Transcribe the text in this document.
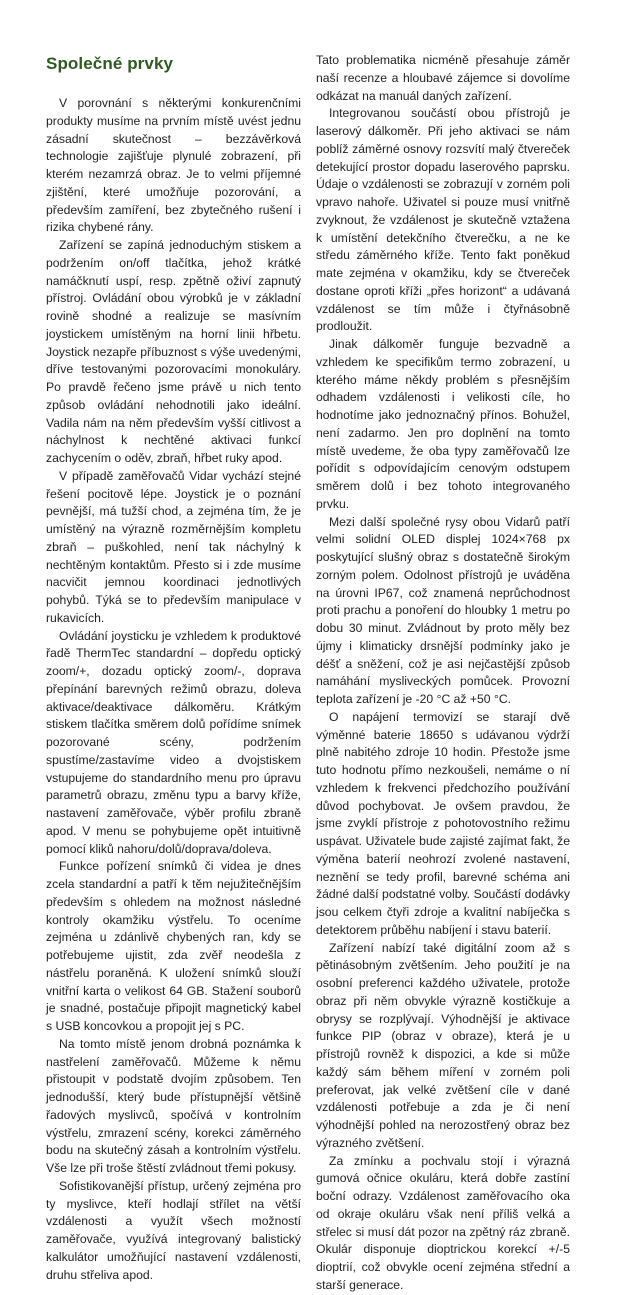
Společné prvky

V porovnání s některými konkurenčními produkty musíme na prvním místě uvést jednu zásadní skutečnost – bezzávěrková technologie zajišťuje plynulé zobrazení, při kterém nezamrzá obraz. Je to velmi příjemné zjištění, které umožňuje pozorování, a především zamíření, bez zbytečného rušení i rizika chybené rány.

Zařízení se zapíná jednoduchým stiskem a podržením on/off tlačítka, jehož krátké namáčknutí uspí, resp. zpětně oživí zapnutý přístroj. Ovládání obou výrobků je v základní rovině shodné a realizuje se masívním joystickem umístěným na horní linii hřbetu. Joystick nezapře příbuznost s výše uvedenými, dříve testovanými pozorovacími monokuláry. Po pravdě řečeno jsme právě u nich tento způsob ovládání nehodnotili jako ideální. Vadila nám na něm především vyšší citlivost a náchylnost k nechtěné aktivaci funkcí zachycením o oděv, zbraň, hřbet ruky apod.

V případě zaměřovačů Vidar vychází stejné řešení pocitově lépe. Joystick je o poznání pevnější, má tužší chod, a zejména tím, že je umístěný na výrazně rozměrnějším kompletu zbraň – puškohled, není tak náchylný k nechtěným kontaktům. Přesto si i zde musíme nacvičit jemnou koordinaci jednotlivých pohybů. Týká se to především manipulace v rukavicích.

Ovládání joysticku je vzhledem k produktové řadě ThermTec standardní – dopředu optický zoom/+, dozadu optický zoom/-, doprava přepínání barevných režimů obrazu, doleva aktivace/deaktivace dálkoměru. Krátkým stiskem tlačítka směrem dolů pořídíme snímek pozorované scény, podržením spustíme/zastavíme video a dvojstiskem vstupujeme do standardního menu pro úpravu parametrů obrazu, změnu typu a barvy kříže, nastavení zaměřovače, výběr profilu zbraně apod. V menu se pohybujeme opět intuitivně pomocí kliků nahoru/dolů/doprava/doleva.

Funkce pořízení snímků či videa je dnes zcela standardní a patří k těm nejužitečnějším především s ohledem na možnost následné kontroly okamžiku výstřelu. To oceníme zejména u zdánlivě chybených ran, kdy se potřebujeme ujistit, zda zvěř neodešla z nástřelu poraněná. K uložení snímků slouží vnitřní karta o velikost 64 GB. Stažení souborů je snadné, postačuje připojit magnetický kabel s USB koncovkou a propojit jej s PC.

Na tomto místě jenom drobná poznámka k nastřelení zaměřovačů. Můžeme k němu přistoupit v podstatě dvojím způsobem. Ten jednodušší, který bude přístupnější většině řadových myslivců, spočívá v kontrolním výstřelu, zmrazení scény, korekci záměrného bodu na skutečný zásah a kontrolním výstřelu. Vše lze při troše štěstí zvládnout třemi pokusy.

Sofistikovanější přístup, určený zejména pro ty myslivce, kteří hodlají střílet na větší vzdálenosti a využít všech možností zaměřovače, využívá integrovaný balistický kalkulátor umožňující nastavení vzdálenosti, druhu střeliva apod.

Tato problematika nicméně přesahuje záměr naší recenze a hloubavé zájemce si dovolíme odkázat na manuál daných zařízení.

Integrovanou součástí obou přístrojů je laserový dálkoměr. Při jeho aktivaci se nám poblíž záměrné osnovy rozsvítí malý čtvereček detekující prostor dopadu laserového paprsku. Údaje o vzdálenosti se zobrazují v zorném poli vpravo nahoře. Uživatel si pouze musí vnitřně zvyknout, že vzdálenost je skutečně vztažena k umístění detekčního čtverečku, a ne ke středu záměrného kříže. Tento fakt poněkud mate zejména v okamžiku, kdy se čtvereček dostane oproti kříži „přes horizont“ a udávaná vzdálenost se tím může i čtyřnásobně prodloužit.

Jinak dálkoměr funguje bezvadně a vzhledem ke specifikům termo zobrazení, u kterého máme někdy problém s přesnějším odhadem vzdálenosti i velikosti cíle, ho hodnotíme jako jednoznačný přínos. Bohužel, není zadarmo. Jen pro doplnění na tomto místě uvedeme, že oba typy zaměřovačů lze pořídit s odpovídajícím cenovým odstupem směrem dolů i bez tohoto integrovaného prvku.

Mezi další společné rysy obou Vidarů patří velmi solidní OLED displej 1024×768 px poskytující slušný obraz s dostatečně širokým zorným polem. Odolnost přístrojů je uváděna na úrovni IP67, což znamená neprůchodnost proti prachu a ponoření do hloubky 1 metru po dobu 30 minut. Zvládnout by proto měly bez újmy i klimaticky drsnější podmínky jako je déšť a sněžení, což je asi nejčastější způsob namáhání mysliveckých pomůcek. Provozní teplota zařízení je -20 °C až +50 °C.

O napájení termovizí se starají dvě výměnné baterie 18650 s udávanou výdrží plně nabitého zdroje 10 hodin. Přestože jsme tuto hodnotu přímo nezkoušeli, nemáme o ní vzhledem k frekvenci předchozího používání důvod pochybovat. Je ovšem pravdou, že jsme zvyklí přístroje z pohotovostního režimu uspávat. Uživatele bude zajisté zajímat fakt, že výměna baterií neohrozí zvolené nastavení, neznění se tedy profil, barevné schéma ani žádné další podstatné volby. Součástí dodávky jsou celkem čtyři zdroje a kvalitní nabíječka s detektorem průběhu nabíjení i stavu baterií.

Zařízení nabízí také digitální zoom až s pětinásobným zvětšením. Jeho použití je na osobní preferenci každého uživatele, protože obraz při něm obvykle výrazně kostičkuje a obrysy se rozplývají. Výhodnější je aktivace funkce PIP (obraz v obraze), která je u přístrojů rovněž k dispozici, a kde si může každý sám během míření v zorném poli preferovat, jak velké zvětšení cíle v dané vzdálenosti potřebuje a zda je či není výhodnější pohled na nerozostřený obraz bez výrazného zvětšení.

Za zmínku a pochvalu stojí i výrazná gumová očnice okuláru, která dobře zastíní boční odrazy. Vzdálenost zaměřovacího oka od okraje okuláru však není příliš velká a střelec si musí dát pozor na zpětný ráz zbraně. Okulár disponuje dioptrickou korekcí +/-5 dioptrií, což obvykle ocení zejména střední a starší generace.
